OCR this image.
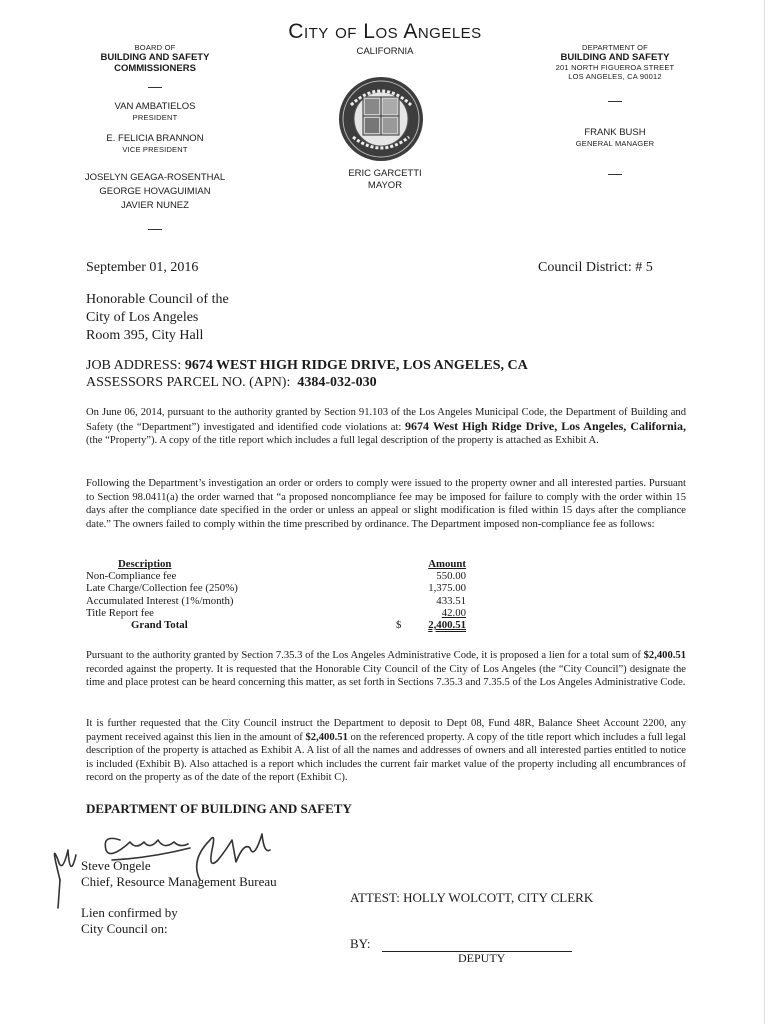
City of Los Angeles
CALIFORNIA
BOARD OF
BUILDING AND SAFETY
COMMISSIONERS
VAN AMBATIELOS
PRESIDENT
E. FELICIA BRANNON
VICE PRESIDENT
JOSELYN GEAGA-ROSENTHAL
GEORGE HOVAGUIMIAN
JAVIER NUNEZ
ERIC GARCETTI
MAYOR
DEPARTMENT OF
BUILDING AND SAFETY
201 NORTH FIGUEROA STREET
LOS ANGELES, CA 90012
FRANK BUSH
GENERAL MANAGER
September 01, 2016	Council District: # 5
Honorable Council of the
City of Los Angeles
Room 395, City Hall
JOB ADDRESS: 9674 WEST HIGH RIDGE DRIVE, LOS ANGELES, CA
ASSESSORS PARCEL NO. (APN): 4384-032-030
On June 06, 2014, pursuant to the authority granted by Section 91.103 of the Los Angeles Municipal Code, the Department of Building and Safety (the “Department”) investigated and identified code violations at: 9674 West High Ridge Drive, Los Angeles, California, (the “Property”). A copy of the title report which includes a full legal description of the property is attached as Exhibit A.
Following the Department’s investigation an order or orders to comply were issued to the property owner and all interested parties. Pursuant to Section 98.0411(a) the order warned that “a proposed noncompliance fee may be imposed for failure to comply with the order within 15 days after the compliance date specified in the order or unless an appeal or slight modification is filed within 15 days after the compliance date.” The owners failed to comply within the time prescribed by ordinance. The Department imposed non-compliance fee as follows:
Description	Amount
Non-Compliance fee	550.00
Late Charge/Collection fee (250%)	1,375.00
Accumulated Interest (1%/month)	433.51
Title Report fee	42.00
Grand Total	$ 2,400.51
Pursuant to the authority granted by Section 7.35.3 of the Los Angeles Administrative Code, it is proposed a lien for a total sum of $2,400.51 recorded against the property. It is requested that the Honorable City Council of the City of Los Angeles (the “City Council”) designate the time and place protest can be heard concerning this matter, as set forth in Sections 7.35.3 and 7.35.5 of the Los Angeles Administrative Code.
It is further requested that the City Council instruct the Department to deposit to Dept 08, Fund 48R, Balance Sheet Account 2200, any payment received against this lien in the amount of $2,400.51 on the referenced property. A copy of the title report which includes a full legal description of the property is attached as Exhibit A. A list of all the names and addresses of owners and all interested parties entitled to notice is included (Exhibit B). Also attached is a report which includes the current fair market value of the property including all encumbrances of record on the property as of the date of the report (Exhibit C).
DEPARTMENT OF BUILDING AND SAFETY
Steve Ongele
Chief, Resource Management Bureau
ATTEST: HOLLY WOLCOTT, CITY CLERK
Lien confirmed by
City Council on:
BY:
DEPUTY
